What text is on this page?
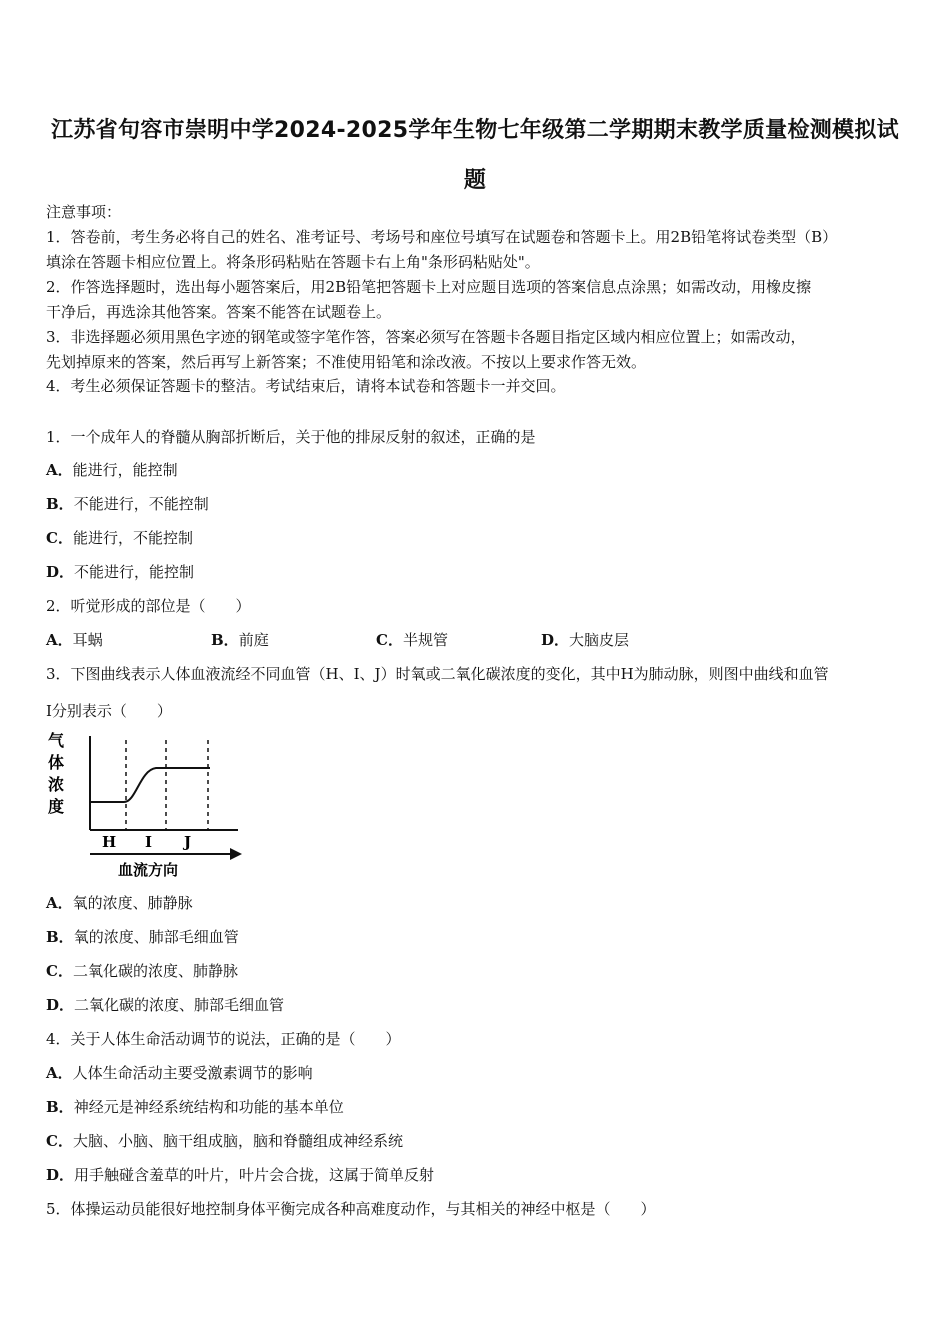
江苏省句容市崇明中学2024-2025学年生物七年级第二学期期末教学质量检测模拟试
题
注意事项：
1．答卷前，考生务必将自己的姓名、准考证号、考场号和座位号填写在试题卷和答题卡上。用2B铅笔将试卷类型（B）
填涂在答题卡相应位置上。将条形码粘贴在答题卡右上角"条形码粘贴处"。
2．作答选择题时，选出每小题答案后，用2B铅笔把答题卡上对应题目选项的答案信息点涂黑；如需改动，用橡皮擦
干净后，再选涂其他答案。答案不能答在试题卷上。
3．非选择题必须用黑色字迹的钢笔或签字笔作答，答案必须写在答题卡各题目指定区域内相应位置上；如需改动，
先划掉原来的答案，然后再写上新答案；不准使用铅笔和涂改液。不按以上要求作答无效。
4．考生必须保证答题卡的整洁。考试结束后，请将本试卷和答题卡一并交回。
1．一个成年人的脊髓从胸部折断后，关于他的排尿反射的叙述，正确的是
A．能进行，能控制
B．不能进行，不能控制
C．能进行，不能控制
D．不能进行，能控制
2．听觉形成的部位是（　　）
A．耳蜗	B．前庭	C．半规管	D．大脑皮层
3．下图曲线表示人体血液流经不同血管（H、I、J）时氧或二氧化碳浓度的变化，其中H为肺动脉，则图中曲线和血管
I分别表示（　　）
气
体
浓
度
H I J
血流方向
A．氧的浓度、肺静脉
B．氧的浓度、肺部毛细血管
C．二氧化碳的浓度、肺静脉
D．二氧化碳的浓度、肺部毛细血管
4．关于人体生命活动调节的说法，正确的是（　　）
A．人体生命活动主要受激素调节的影响
B．神经元是神经系统结构和功能的基本单位
C．大脑、小脑、脑干组成脑，脑和脊髓组成神经系统
D．用手触碰含羞草的叶片，叶片会合拢，这属于简单反射
5．体操运动员能很好地控制身体平衡完成各种高难度动作，与其相关的神经中枢是（　　）
